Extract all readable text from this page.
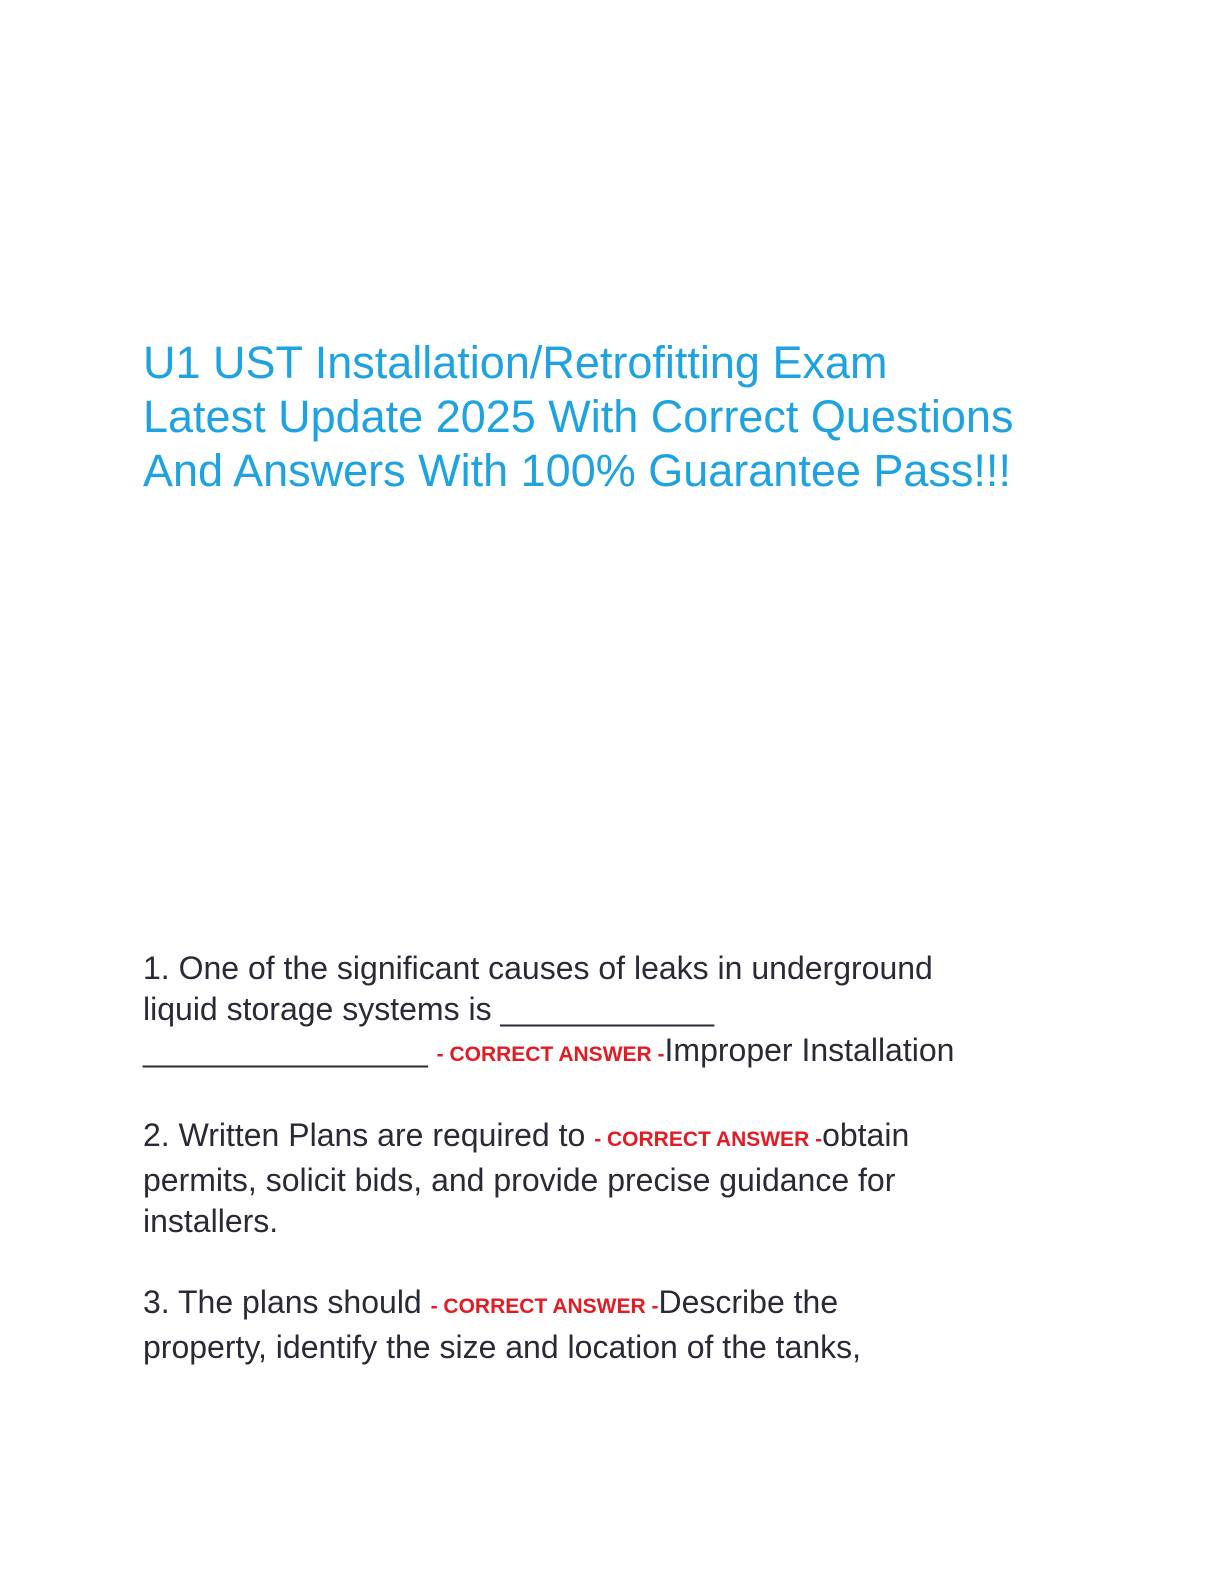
U1 UST Installation/Retrofitting Exam
Latest Update 2025 With Correct Questions
And Answers With 100% Guarantee Pass!!!
1. One of the significant causes of leaks in underground
liquid storage systems is ____________
________________ - CORRECT ANSWER -Improper Installation
2. Written Plans are required to - CORRECT ANSWER -obtain
permits, solicit bids, and provide precise guidance for
installers.
3. The plans should - CORRECT ANSWER -Describe the
property, identify the size and location of the tanks,
